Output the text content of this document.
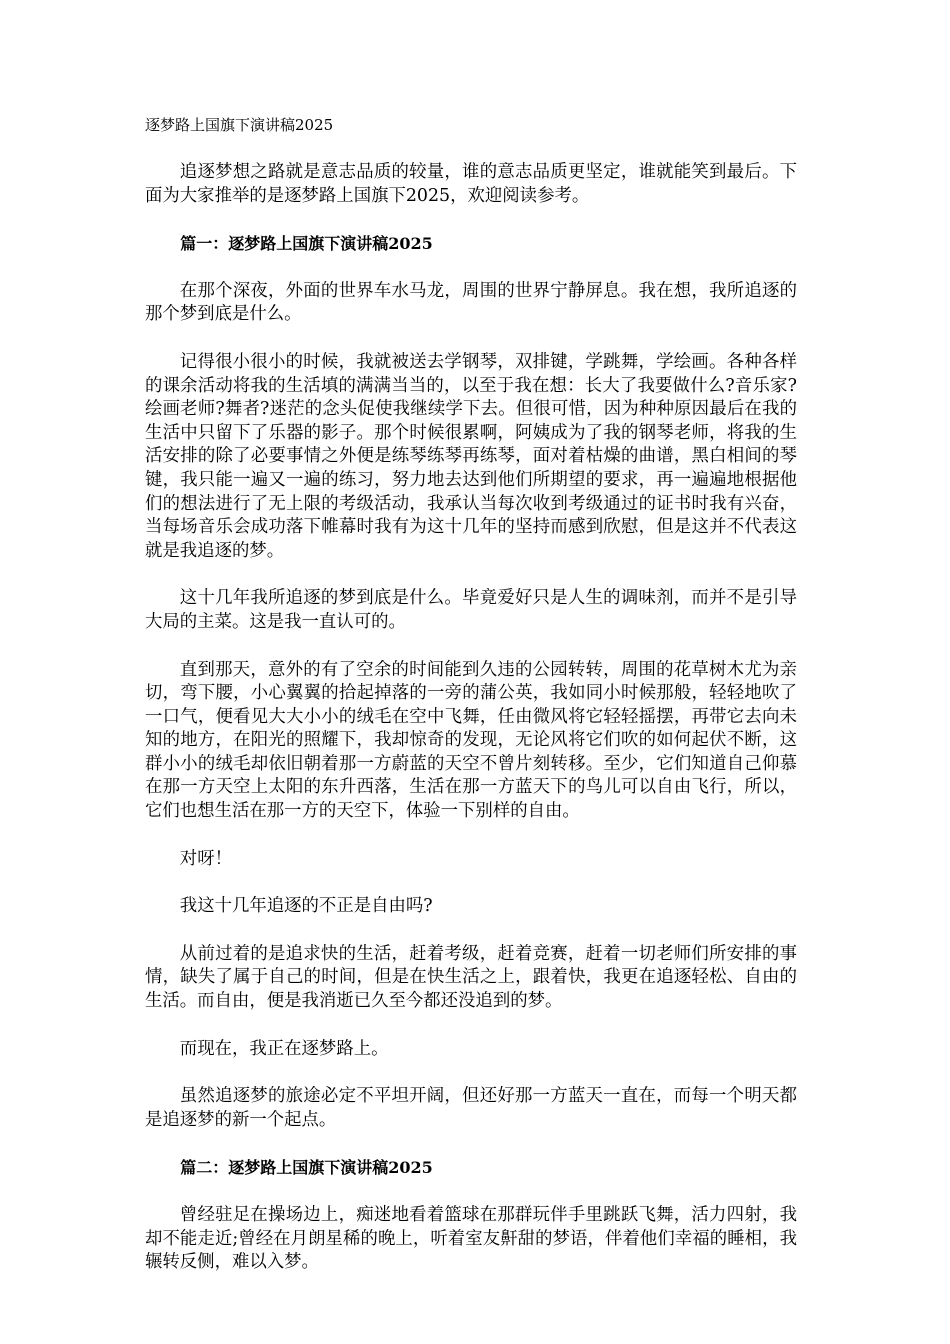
逐梦路上国旗下演讲稿2025

追逐梦想之路就是意志品质的较量，谁的意志品质更坚定，谁就能笑到最后。下面为大家推举的是逐梦路上国旗下2025，欢迎阅读参考。

篇一：逐梦路上国旗下演讲稿2025

在那个深夜，外面的世界车水马龙，周围的世界宁静屏息。我在想，我所追逐的那个梦到底是什么。

记得很小很小的时候，我就被送去学钢琴，双排键，学跳舞，学绘画。各种各样的课余活动将我的生活填的满满当当的，以至于我在想：长大了我要做什么?音乐家?绘画老师?舞者?迷茫的念头促使我继续学下去。但很可惜，因为种种原因最后在我的生活中只留下了乐器的影子。那个时候很累啊，阿姨成为了我的钢琴老师，将我的生活安排的除了必要事情之外便是练琴练琴再练琴，面对着枯燥的曲谱，黑白相间的琴键，我只能一遍又一遍的练习，努力地去达到他们所期望的要求，再一遍遍地根据他们的想法进行了无上限的考级活动，我承认当每次收到考级通过的证书时我有兴奋，当每场音乐会成功落下帷幕时我有为这十几年的坚持而感到欣慰，但是这并不代表这就是我追逐的梦。

这十几年我所追逐的梦到底是什么。毕竟爱好只是人生的调味剂，而并不是引导大局的主菜。这是我一直认可的。

直到那天，意外的有了空余的时间能到久违的公园转转，周围的花草树木尤为亲切，弯下腰，小心翼翼的拾起掉落的一旁的蒲公英，我如同小时候那般，轻轻地吹了一口气，便看见大大小小的绒毛在空中飞舞，任由微风将它轻轻摇摆，再带它去向未知的地方，在阳光的照耀下，我却惊奇的发现，无论风将它们吹的如何起伏不断，这群小小的绒毛却依旧朝着那一方蔚蓝的天空不曾片刻转移。至少，它们知道自己仰慕在那一方天空上太阳的东升西落，生活在那一方蓝天下的鸟儿可以自由飞行，所以，它们也想生活在那一方的天空下，体验一下别样的自由。

对呀！

我这十几年追逐的不正是自由吗?

从前过着的是追求快的生活，赶着考级，赶着竞赛，赶着一切老师们所安排的事情，缺失了属于自己的时间，但是在快生活之上，跟着快，我更在追逐轻松、自由的生活。而自由，便是我消逝已久至今都还没追到的梦。

而现在，我正在逐梦路上。

虽然追逐梦的旅途必定不平坦开阔，但还好那一方蓝天一直在，而每一个明天都是追逐梦的新一个起点。

篇二：逐梦路上国旗下演讲稿2025

曾经驻足在操场边上，痴迷地看着篮球在那群玩伴手里跳跃飞舞，活力四射，我却不能走近;曾经在月朗星稀的晚上，听着室友鼾甜的梦语，伴着他们幸福的睡相，我辗转反侧，难以入梦。
